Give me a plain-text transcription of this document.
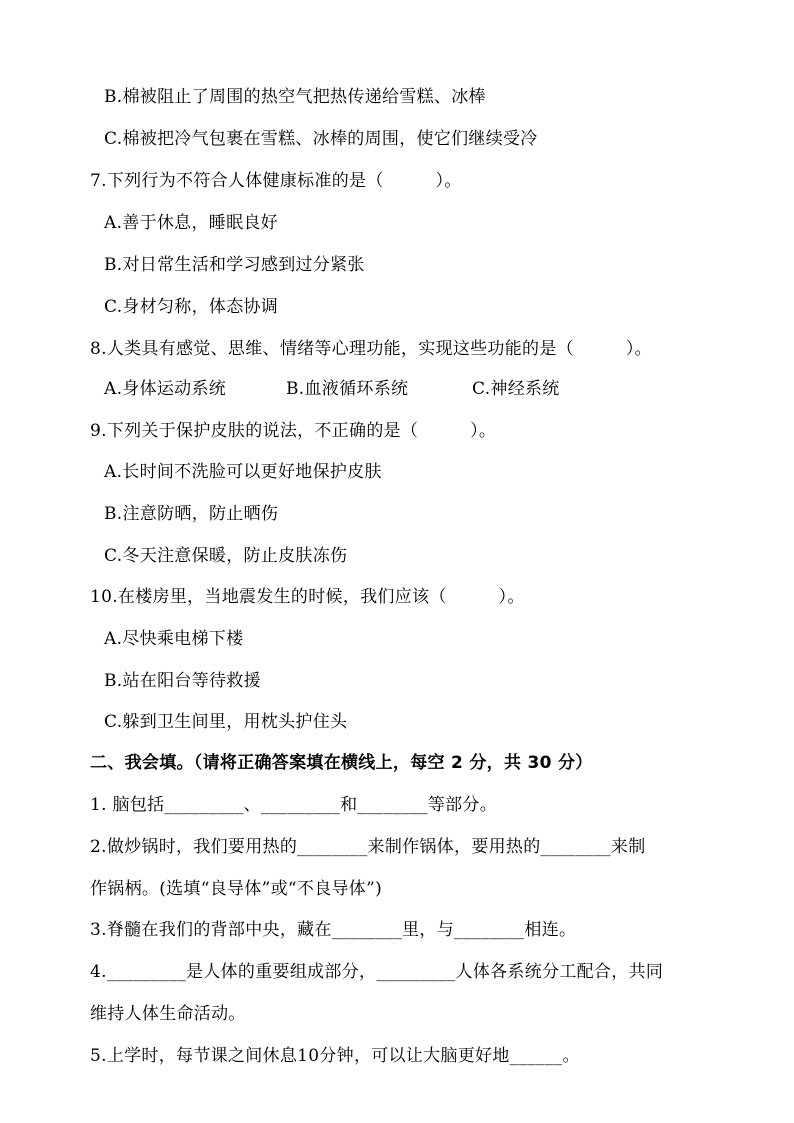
B.棉被阻止了周围的热空气把热传递给雪糕、冰棒
C.棉被把冷气包裹在雪糕、冰棒的周围，使它们继续受冷
7.下列行为不符合人体健康标准的是（　　　）。
A.善于休息，睡眠良好
B.对日常生活和学习感到过分紧张
C.身材匀称，体态协调
8.人类具有感觉、思维、情绪等心理功能，实现这些功能的是（　　　）。
A.身体运动系统	B.血液循环系统	C.神经系统
9.下列关于保护皮肤的说法，不正确的是（　　　）。
A.长时间不洗脸可以更好地保护皮肤
B.注意防晒，防止晒伤
C.冬天注意保暖，防止皮肤冻伤
10.在楼房里，当地震发生的时候，我们应该（　　　）。
A.尽快乘电梯下楼
B.站在阳台等待救援
C.躲到卫生间里，用枕头护住头
二、我会填。（请将正确答案填在横线上，每空 2 分，共 30 分）
1. 脑包括_________、_________和________等部分。
2.做炒锅时，我们要用热的________来制作锅体，要用热的________来制
作锅柄。(选填“良导体”或“不良导体”)
3.脊髓在我们的背部中央，藏在________里，与________相连。
4._________是人体的重要组成部分，_________人体各系统分工配合，共同
维持人体生命活动。
5.上学时，每节课之间休息10分钟，可以让大脑更好地______。
